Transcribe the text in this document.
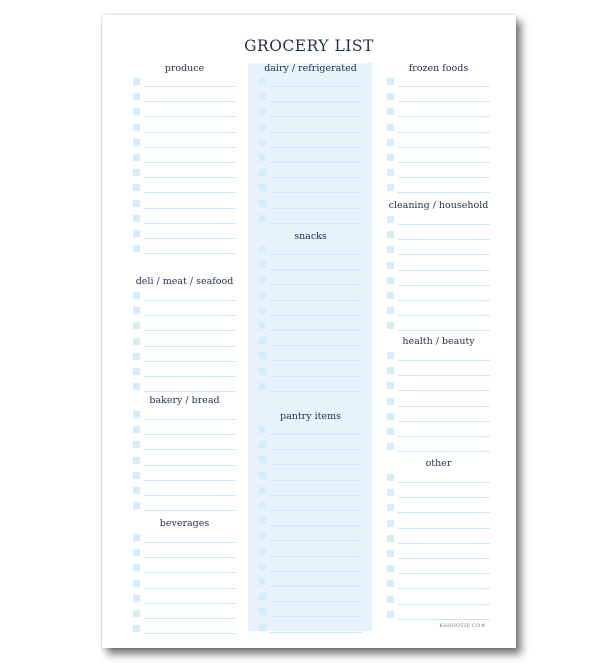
GROCERY LIST
produce
deli / meat / seafood
bakery / bread
beverages
dairy / refrigerated
snacks
pantry items
frozen foods
cleaning / household
health / beauty
other
KAHOOTIE CO®
